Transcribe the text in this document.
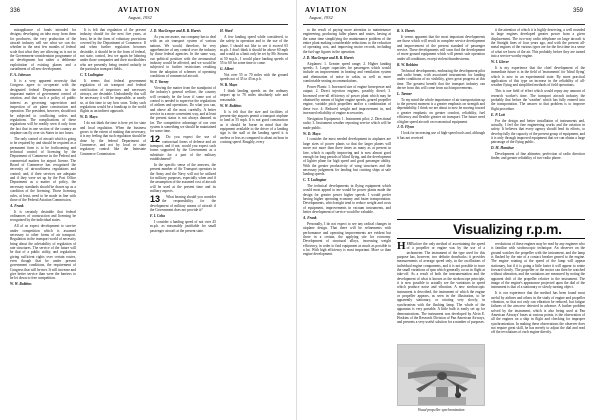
336	AVIATION
August, 1932

misappliance of funds intended for designs; developing an idea away from them for producers, the very production of the aircraft industry will see what we can do; whether in the next few months of federal scale that what they are allowing us is not in the Government-consideration programme of air development but rather a deliberate exploitation of existing planes and a curtailment of all new development.

F. A. Johnson

It is a very apparent necessity that Congress agree to co-operate with the designated federal Departments in the important matter of government control of aviation, and that such a policy of public interest as governing supervision and inspection of air plane construction and operation. The president, however, should not be subjected to conflicting orders and regulations. The complications of these regulations will be readily seen if only from the fact that in one section of the country an airplane can fly over six States in two hours.

The only control of aircraft which is going to be required by and should be required as a permanent form is to be forthcoming and technical control of licensing by the Department of Commerce in the Federal and commercial matters for airport license. The Board of Commerce has recognized the necessity of airworthiness regulations and control; and, if their services are adequate and if they were set up by the Post Office Department as a matter of policy, the necessary standards should be drawn up as a condition of the licensing. Those licensing rules, at least, need to be made in line with those of the Federal Aviation Commission.

A. Frank

It is certainly desirable that federal ordinances of construction and licensing be recognized by the individual states.

All of us expect development to survive under competition which is assumed necessary to other forms of air transport. Regulation in the transport world of necessity bring about the advisability of regulation of rate structures. The service of the future will be that of a public utility, and regulations giving sufficient rights over certain routes, even though that be under present government conditions, the requirement of Congress that will be met. It will increase and give better service than were the barriers to be let down to free competition.

W. W. Robbins

It is felt that regulation of the present industry should for the next five years, at least, be in the form of voluntary provisions covered by the Department of Commerce. If and when further regulation becomes desirable, it should be in the form of federal, not state, control, lest we again be laboring under those companies and their stockholders who are presently being treated unfairly in the particular transport fields.

C. T. Ludington

It seems that federal government regulation of air transport and federal certification of inspectors and necessary airways, are desirable. Undoubtedly this will be necessary it will be impossible, or nearly so, at this time to say how soon. Today such regulations would be a handicap to the world flights as an indirect approach.

W. D. Mayo

I do not think the time is here yet for state and local regulation. When the business grows to the extent of making that necessary, it is my feeling that such regulation should be done by the federal Department of Commerce, and not by local or state regulatory control like the Interstate Commerce Commission.

J. D. MacGregor and R. B. Harris

As you are aware, our company has to deal with an air transport system of various nations. We would, therefore, be very apprehensive of any control over the industry by those federal agencies. In the same way, our political position with the aeronautical industry would be affected, and we would be subjected to further restrictions resulting from the adoption of schemes of operating conditions of commercial aircraft.

W. T. Varney

Viewing the matter from the standpoint of the industry's general welfare, the country will certainly be the loser if some sort of control is needed to supervise the regulations of airlines and operations. Do what you can, and above all the most carefully. A better service in a more convenient way, and at least the present status is not always damned as far. The competitive advantage of our own system is something we should be maintained for some time.

12	Do you expect the use of contractual forms of defense and air transport, and if not, would you expect such forms supported by the Government as a substitute for a part of the military establishment?

In the specific sense of the answers, the present number of Air Transport operators in the Army and the Navy will not be utilized for military purposes, especially when and if the assumption of the assumed cost of aircraft will be used at the present time and its military aspects.

13	What bearing should you consider the responsibility for the development of military means of aircraft if the Government does not provide it?

F. I. Coha

I consider a landing speed of not over 45 m.p.h. as reasonably justifiable for small passenger aircraft at the present state.

H. Ward

A few landing speed while considered, to the safety in operation and to the use of the plane, I should not like to see it exceed 65 m.p.h. I don't think it should be above 60 mph and would as a limit only be set by Mr. Stearns at 50 m.p.h., I would place landing speeds of 55 to 60 for some time to come.

G. Albert

Not over 55 or 70 miles with the ground speeds not of 35 to 45 m.p.h.

W. B. Mayo

I think landing speeds on the ordinary airport up to 70 miles absolutely safe and reasonable.

W. W. Robbins

It is felt that the size and facilities of present-day airports permit a transport airplane to land at 55 mph. It is not good construction as it should be borne in mind that the equipment available to the driver of a landing sign is the stall at the landing speed it is useless or less as compared to about an hour in cruising speed. Roughly, every

AVIATION
August, 1932
359

to the result of paying more attention to maintenance engineering, producing fuller planes and routes, having at the same time simplifying the maintenance problem of the entire plant making considerable reductions to the reduction of operating cost, and improving motor records, including the fuel-age figures in the operation.

J. D. MacGregor and R. B. Harris

Airplanes: 1. Greater speed range; 2. Higher landing speeds; 3. Larger capacities for passengers which would include an improvement in heating and ventilation system and elimination of noise in cabin, as well as more comfortable seating accommodations.

Power Plants: 1. Increased size of engine horsepower and output; 2. Direct injection engines, possibly diesel; 3. Increased over-all efficiency of power plant which may be obtained by means of higher engine speeds, geared propeller engine, variable pitch propellers and/or a combination of these two. 4. Reduced weight and improvement in, and increased reliability of engine accessories.

Navigation Equipment: 1. Instrument pilot; 2. Directional radio; 3. Instrument weather reporting service which will be made public.

W. D. Mayo

I consider the most needed development in airplanes are large sizes of power plants so that the larger planes will move not more than three times as many as at present in fare, which is rapidly improving and is now almost good enough for long periods of blind flying, and the development of lighter plane for high speed and good passenger ability. With the greater productivity of wing structures and the necessary judgement for landing fast cruising ships at safe landing speeds.

C. T. Ludington

The technical developments in flying equipment which would most appeal to me would be power plants made the design for greater power higher speeds. I would prefer having higher operating economy and faster transportation. Developments, which might tend to reduce weight and costs of equipment, improvements in vacuum instruments, and better development of service would be valuable.

A. Frank

Personally, I do not expect to see any radical changes in airplane design. That there will be refinements with performance and operating improvements are evident but those in a certain, the applying site for economy. Development of structural alloys, increasing weight efficiency, in order to find equipment as much as possible to a lot. With high efficiency is most important. More so than engine development.

R. S. Harris

It seems apparent that the most important developments are those which will result in complete service development and improvement of the present standard of passenger service. These developments will soon find the development of more ground equipment which will permit safe operation under all conditions, except violent thunderstorms.

R. W. Robbins

Technical developments, embracing the development pilot and radio beam, with associated instruments for landing under conditions of no visibility, gives great progress at this time. The greatest benefit that the transport industry can derive from this will come from such improvements.

L. Tarmer

To my mind the whole importance of air transportation up to the present moment is a greater emphasis on strength and dependability. I think we are about to now be moving toward a greater emphasis on greater comfort, reliability, fuel efficiency and flexible greater air transport. The future need a higher speed aircraft on economical equipment.

J. O. Flynn

I look for increasing use of high-speed tools and, although it has not received

it the attention of which it is highly deserving, a well rounded in large engines developed greater power from a given displacement. The two-way radio telephone on large aircraft is the Straight lines of four years ago, and with the present all-metal engines of the various types are for the first time in a sense of what we know of the air. This probably before they are turned into a service-worthy engine.

W. I. Glover

It is my experience that the chief development of the immediate future is in the field of 'instruments' for 'blind flying' which is now in an experimental state. By more practical application of this type an increase in the reliability of all-weather flying and simplified methods of field operations.

This is one field of effort which would repay any amount of research worker's time. The transport aircraft industry the probably that before the 'weather' which has fully entered into the transportation. The answer to that problem is to improve flight procedure.

E. P. Lott

For the design and better installation of instruments and, actually, I feel the fine engineering works and the aviation in safety. It believes that every agency should lend its efforts, to develop fully the capacity of the present group of equipment, and it is only through improved equipment that we can obtain a large patronage of the flying public.

D. M. Hanshue

Development of fine altimeter, perfection of radio direction finder, and greater reliability of two-radio phone.

Visualizing r.p.m.

H EREtofore the only method of ascertaining the speed of a propeller or engine was by the use of a tachometer. The instrument of the type used for this purpose has, however, two definite drawbacks: it provides measurements of average speed only, in the oscillations of individual engine components, and it is not possible to trace the small variations of rpm which generally occur in flight at take-off. As a result of both the instrumentation and the development of what is known as the stroboscope principle, it is now possible to actually see the variations in speed which produce noise and vibration. A new stroboscopic instrument is described, the instrument of which the engine or propeller appears, as seen in the illustration, to be apparently stationary, or rotating very slowly, in synchronism with the flashing lamp. The whole of the apparatus is very portable. A little bulb is easily set up for demonstrations. The instrument was developed by Alvin E. Hoskins of the Research Division of Pan American Airways, and presents a very useful solution for a number of purposes.

revolutions of these engines may be read by any engineer who is familiar with stroboscopic technique. An observer on the ground watches the propeller with the instrument, and the lamp is flashed by the rate of a contact breaker geared to the engine. The engine rotating at the speed of the lamp will appear stationary, but if it is going a little faster it will appear to rotate forward slowly. The propeller or the motor can then be watched without alteration, and the variations are measured by noting the apparent drift of the propeller relative to the instrument. The image of the engine's appearance projected upon the dial of the instrument is that of a stationary or slowly turning object.

It is our experience that the method has been found most useful by airlines and others in the study of engine and propeller vibration, so that not only can vibration be reduced, but fatigue failures of the airscrew detected in advance. A further problem solved by the instrument, which is also being used at Pan American Airways' bases at various points, is the observation of all the engines on a ship in flight and checking for improper synchronization. In making these observations the observer does not require great skill, he has merely to adjust the dial and read off the revolutions of each engine directly.

Visual propeller synchronization
